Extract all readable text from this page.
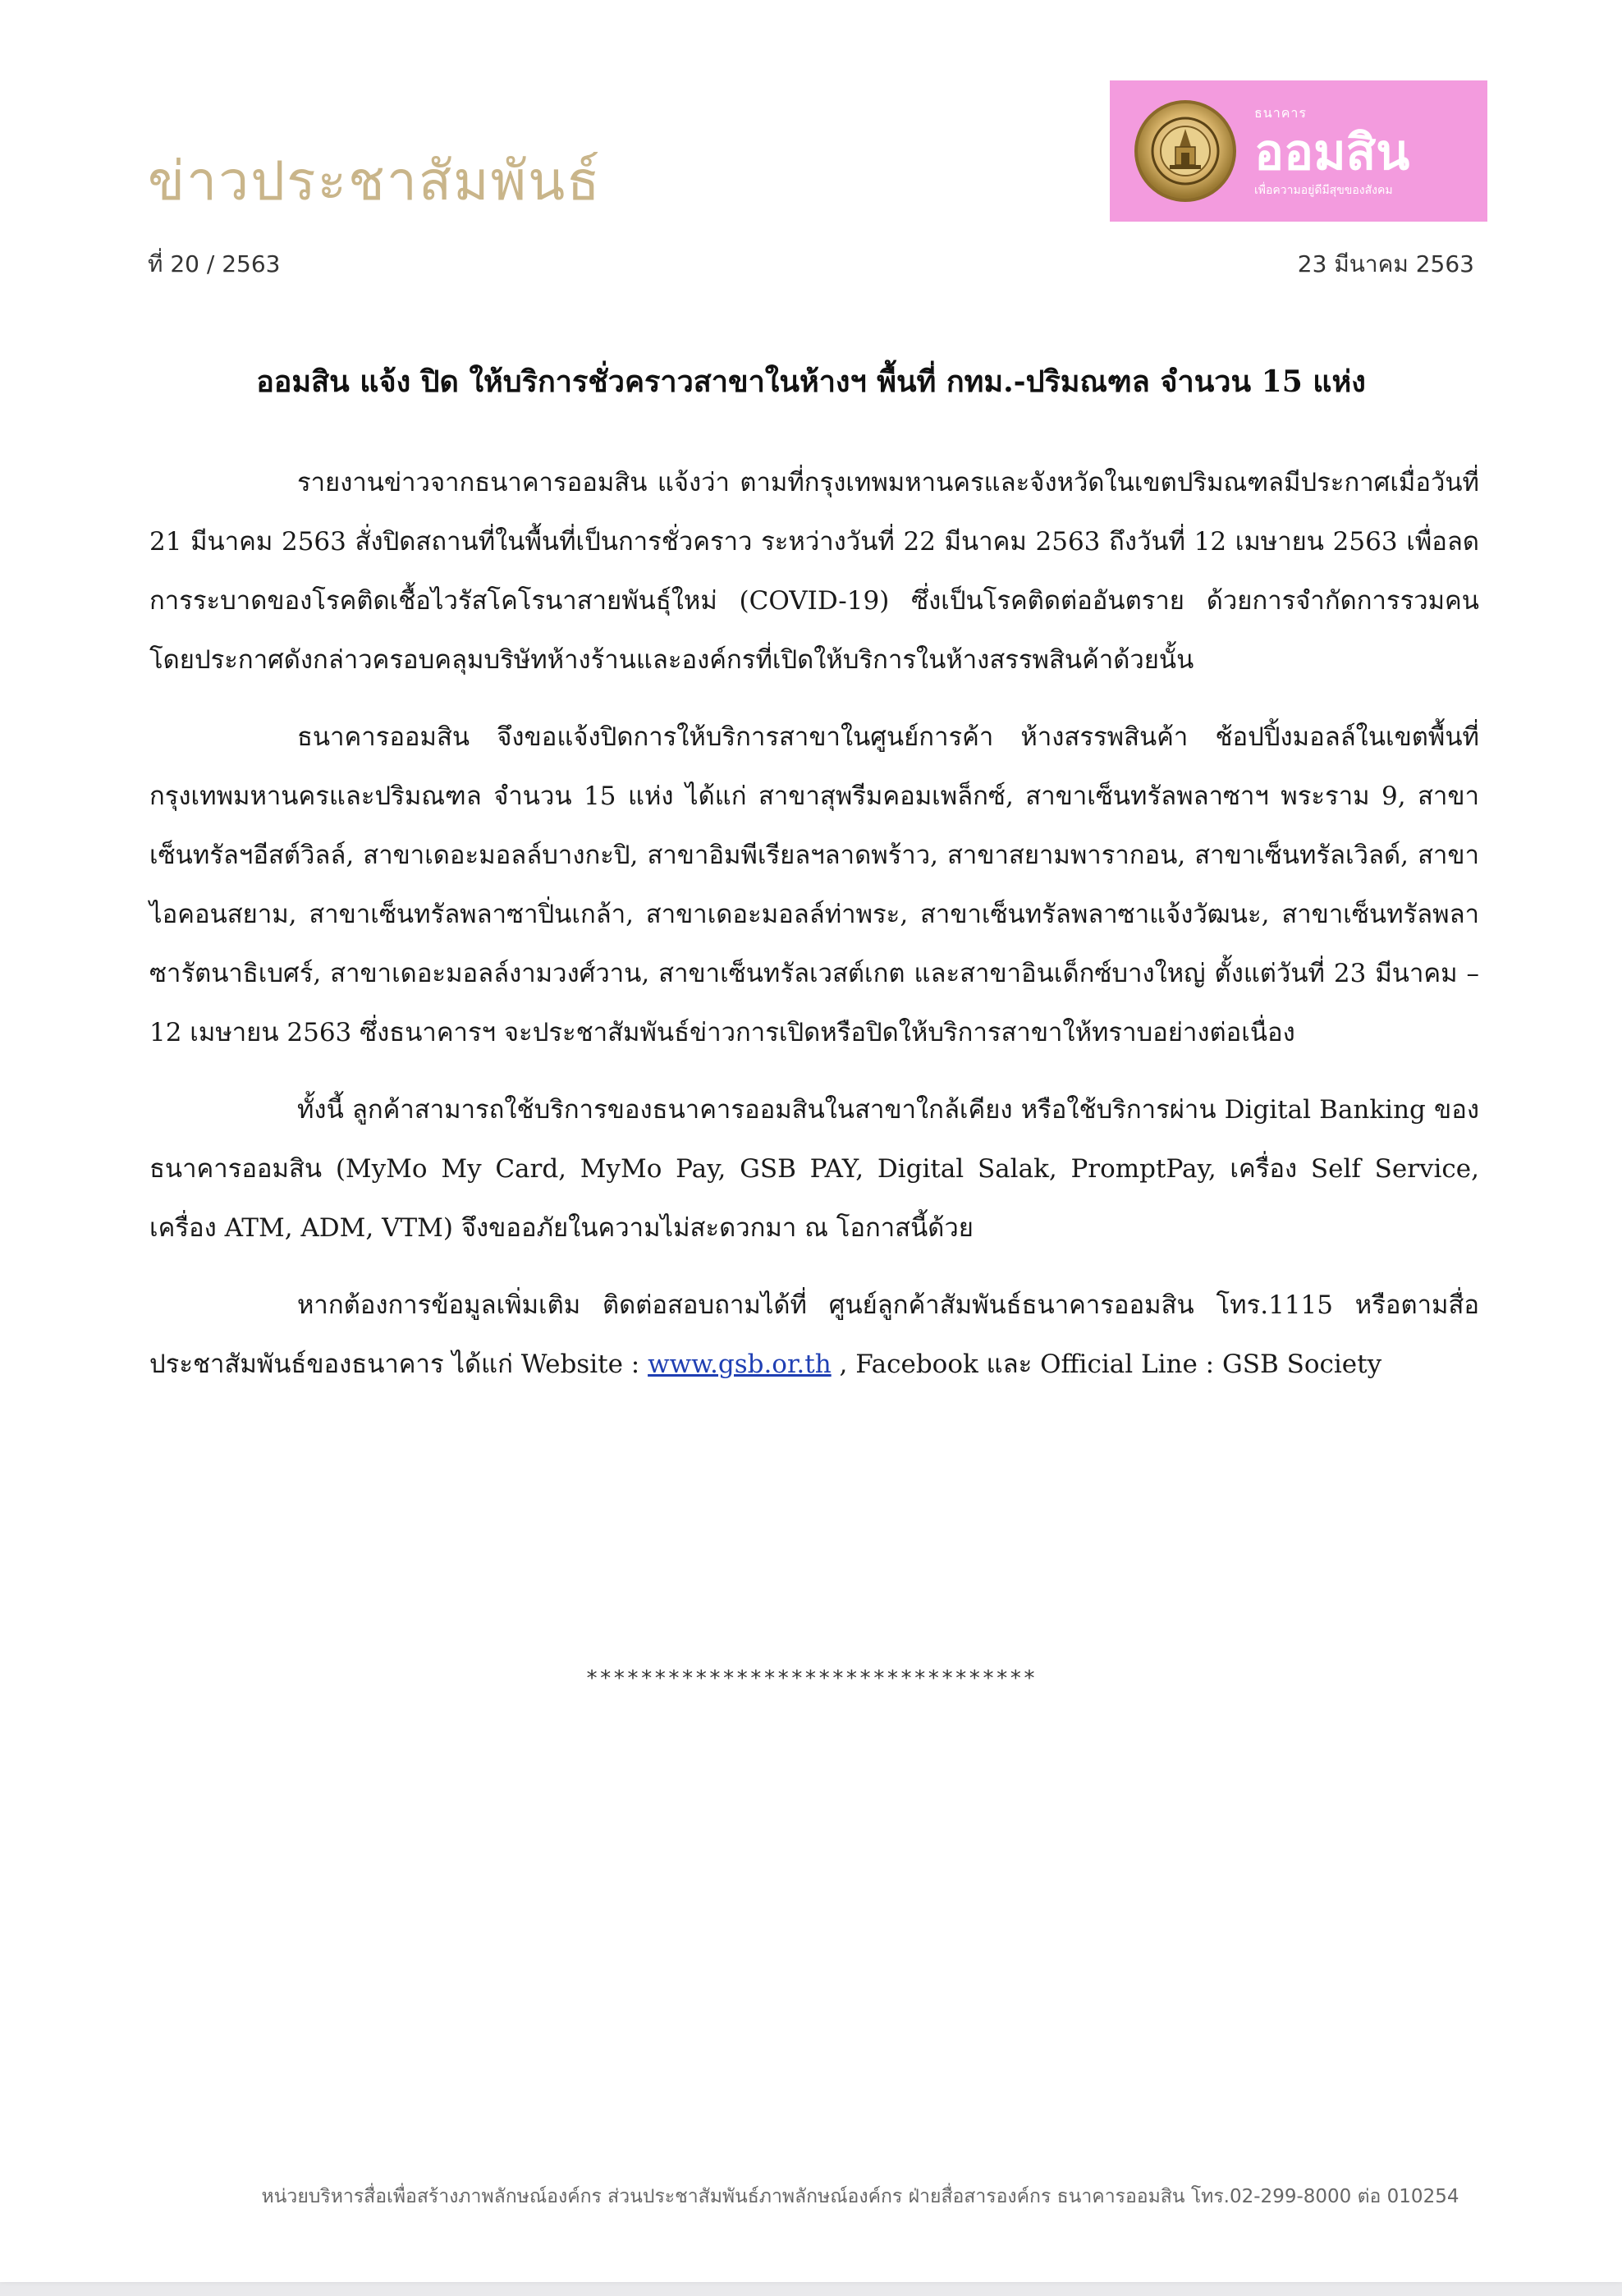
ข่าวประชาสัมพันธ์
ธนาคาร
ออมสิน
เพื่อความอยู่ดีมีสุขของสังคม
ที่ 20 / 2563	23 มีนาคม 2563
ออมสิน แจ้ง ปิด ให้บริการชั่วคราวสาขาในห้างฯ พื้นที่ กทม.-ปริมณฑล จำนวน 15 แห่ง

รายงานข่าวจากธนาคารออมสิน แจ้งว่า ตามที่กรุงเทพมหานครและจังหวัดในเขตปริมณฑลมีประกาศเมื่อวันที่ 21 มีนาคม 2563 สั่งปิดสถานที่ในพื้นที่เป็นการชั่วคราว ระหว่างวันที่ 22 มีนาคม 2563 ถึงวันที่ 12 เมษายน 2563 เพื่อลดการระบาดของโรคติดเชื้อไวรัสโคโรนาสายพันธุ์ใหม่ (COVID-19) ซึ่งเป็นโรคติดต่ออันตราย ด้วยการจำกัดการรวมคน โดยประกาศดังกล่าวครอบคลุมบริษัทห้างร้านและองค์กรที่เปิดให้บริการในห้างสรรพสินค้าด้วยนั้น

ธนาคารออมสิน จึงขอแจ้งปิดการให้บริการสาขาในศูนย์การค้า ห้างสรรพสินค้า ช้อปปิ้งมอลล์ในเขตพื้นที่กรุงเทพมหานครและปริมณฑล จำนวน 15 แห่ง ได้แก่ สาขาสุพรีมคอมเพล็กซ์, สาขาเซ็นทรัลพลาซาฯ พระราม 9, สาขาเซ็นทรัลฯอีสต์วิลล์, สาขาเดอะมอลล์บางกะปิ, สาขาอิมพีเรียลฯลาดพร้าว, สาขาสยามพารากอน, สาขาเซ็นทรัลเวิลด์, สาขาไอคอนสยาม, สาขาเซ็นทรัลพลาซาปิ่นเกล้า, สาขาเดอะมอลล์ท่าพระ, สาขาเซ็นทรัลพลาซาแจ้งวัฒนะ, สาขาเซ็นทรัลพลาซารัตนาธิเบศร์, สาขาเดอะมอลล์งามวงศ์วาน, สาขาเซ็นทรัลเวสต์เกต และสาขาอินเด็กซ์บางใหญ่ ตั้งแต่วันที่ 23 มีนาคม – 12 เมษายน 2563 ซึ่งธนาคารฯ จะประชาสัมพันธ์ข่าวการเปิดหรือปิดให้บริการสาขาให้ทราบอย่างต่อเนื่อง

ทั้งนี้ ลูกค้าสามารถใช้บริการของธนาคารออมสินในสาขาใกล้เคียง หรือใช้บริการผ่าน Digital Banking ของธนาคารออมสิน (MyMo My Card, MyMo Pay, GSB PAY, Digital Salak, PromptPay, เครื่อง Self Service, เครื่อง ATM, ADM, VTM) จึงขออภัยในความไม่สะดวกมา ณ โอกาสนี้ด้วย

หากต้องการข้อมูลเพิ่มเติม ติดต่อสอบถามได้ที่ ศูนย์ลูกค้าสัมพันธ์ธนาคารออมสิน โทร.1115 หรือตามสื่อประชาสัมพันธ์ของธนาคาร ได้แก่ Website : www.gsb.or.th , Facebook และ Official Line : GSB Society

*********************************
หน่วยบริหารสื่อเพื่อสร้างภาพลักษณ์องค์กร ส่วนประชาสัมพันธ์ภาพลักษณ์องค์กร ฝ่ายสื่อสารองค์กร ธนาคารออมสิน โทร.02-299-8000 ต่อ 010254
